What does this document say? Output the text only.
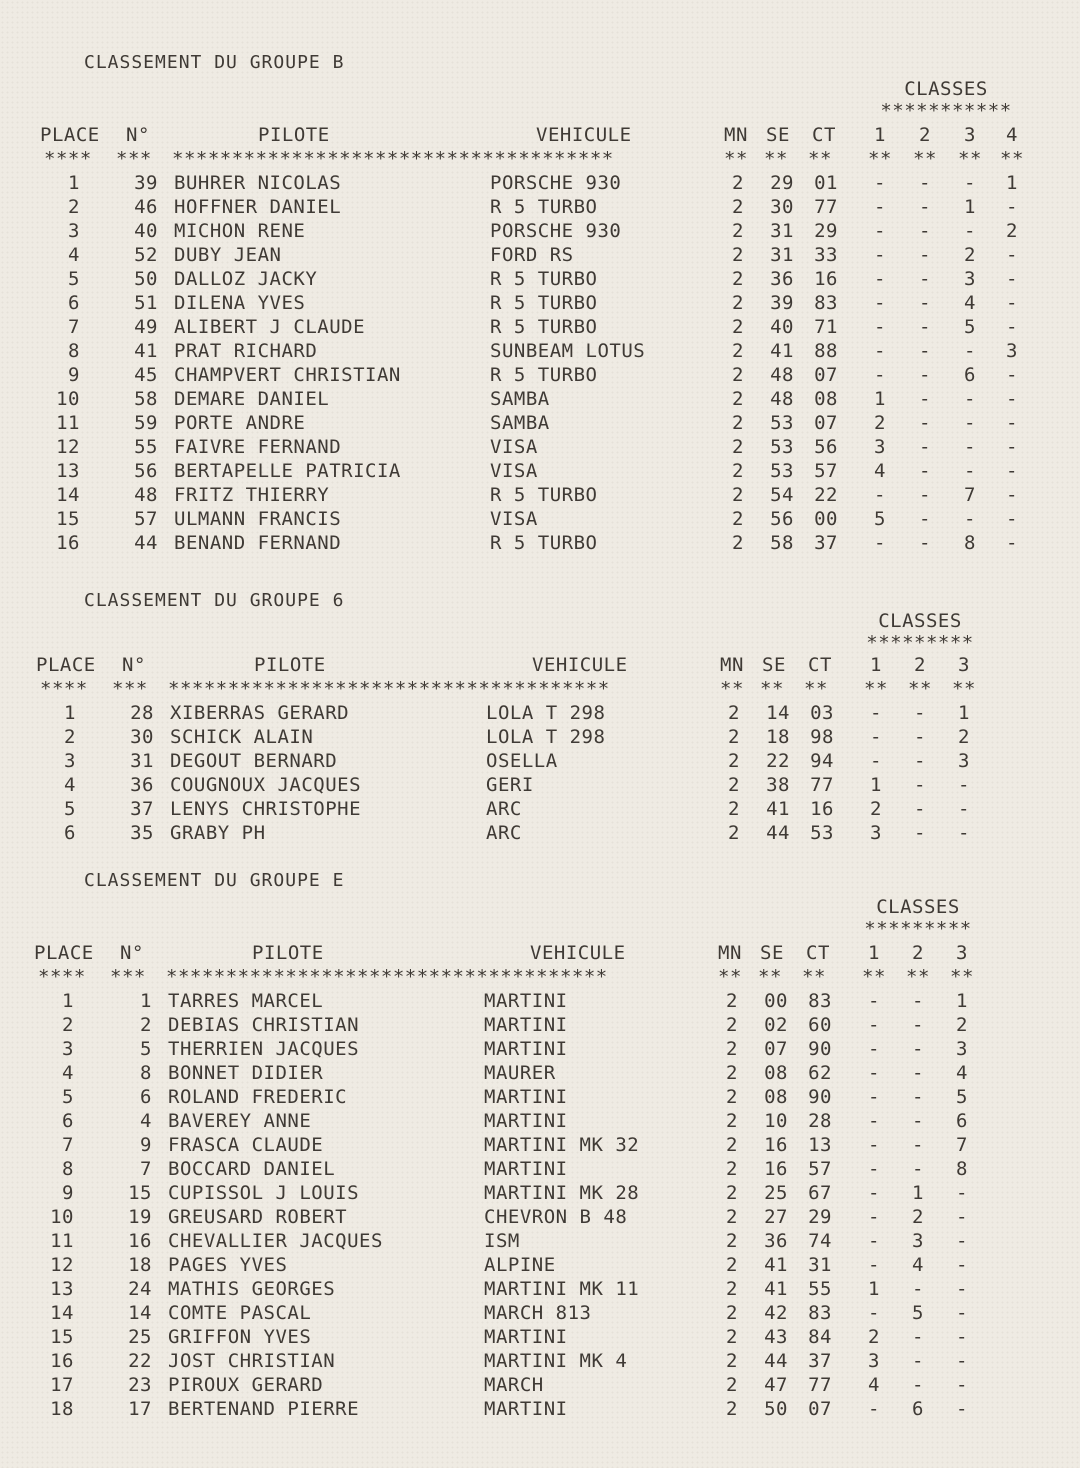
CLASSEMENT DU GROUPE B
CLASSES
***********
PLACE N°	PILOTE	VEHICULE	MN SE CT 1 2 3 4
**** *** *************************************	** ** ** ** ** ** **
1	39 BUHRER NICOLAS	PORSCHE 930	2	29	01 - - - 1
2	46 HOFFNER DANIEL	R 5 TURBO	2	30	77 - - 1 -
3	40 MICHON RENE	PORSCHE 930	2	31	29 - - - 2
4	52 DUBY JEAN	FORD RS	2	31	33 - - 2 -
5	50 DALLOZ JACKY	R 5 TURBO	2	36	16 - - 3 -
6	51 DILENA YVES	R 5 TURBO	2	39	83 - - 4 -
7	49 ALIBERT J CLAUDE	R 5 TURBO	2	40	71 - - 5 -
8	41 PRAT RICHARD	SUNBEAM LOTUS	2	41	88 - - - 3
9	45 CHAMPVERT CHRISTIAN	R 5 TURBO	2	48	07 - - 6 -
10	58 DEMARE DANIEL	SAMBA	2	48	08 1 - - -
11	59 PORTE ANDRE	SAMBA	2	53	07 2 - - -
12	55 FAIVRE FERNAND	VISA	2	53	56 3 - - -
13	56 BERTAPELLE PATRICIA	VISA	2	53	57 4 - - -
14	48 FRITZ THIERRY	R 5 TURBO	2	54	22 - - 7 -
15	57 ULMANN FRANCIS	VISA	2	56	00 5 - - -
16	44 BENAND FERNAND	R 5 TURBO	2	58	37 - - 8 -
CLASSEMENT DU GROUPE 6
CLASSES
*********
PLACE N°	PILOTE	VEHICULE	MN SE CT 1 2 3
**** *** *************************************	** ** ** ** ** **
1	28 XIBERRAS GERARD	LOLA T 298	2	14	03 - - 1
2	30 SCHICK ALAIN	LOLA T 298	2	18	98 - - 2
3	31 DEGOUT BERNARD	OSELLA	2	22	94 - - 3
4	36 COUGNOUX JACQUES	GERI	2	38	77 1 - -
5	37 LENYS CHRISTOPHE	ARC	2	41	16 2 - -
6	35 GRABY PH	ARC	2	44	53 3 - -
CLASSEMENT DU GROUPE E
CLASSES
*********
PLACE N°	PILOTE	VEHICULE	MN SE CT 1 2 3
**** *** *************************************	** ** ** ** ** **
1	1 TARRES MARCEL	MARTINI	2	00	83 - - 1
2	2 DEBIAS CHRISTIAN	MARTINI	2	02	60 - - 2
3	5 THERRIEN JACQUES	MARTINI	2	07	90 - - 3
4	8 BONNET DIDIER	MAURER	2	08	62 - - 4
5	6 ROLAND FREDERIC	MARTINI	2	08	90 - - 5
6	4 BAVEREY ANNE	MARTINI	2	10	28 - - 6
7	9 FRASCA CLAUDE	MARTINI MK 32	2	16	13 - - 7
8	7 BOCCARD DANIEL	MARTINI	2	16	57 - - 8
9	15 CUPISSOL J LOUIS	MARTINI MK 28	2	25	67 - 1 -
10	19 GREUSARD ROBERT	CHEVRON B 48	2	27	29 - 2 -
11	16 CHEVALLIER JACQUES	ISM	2	36	74 - 3 -
12	18 PAGES YVES	ALPINE	2	41	31 - 4 -
13	24 MATHIS GEORGES	MARTINI MK 11	2	41	55 1 - -
14	14 COMTE PASCAL	MARCH 813	2	42	83 - 5 -
15	25 GRIFFON YVES	MARTINI	2	43	84 2 - -
16	22 JOST CHRISTIAN	MARTINI MK 4	2	44	37 3 - -
17	23 PIROUX GERARD	MARCH	2	47	77 4 - -
18	17 BERTENAND PIERRE	MARTINI	2	50	07 - 6 -
